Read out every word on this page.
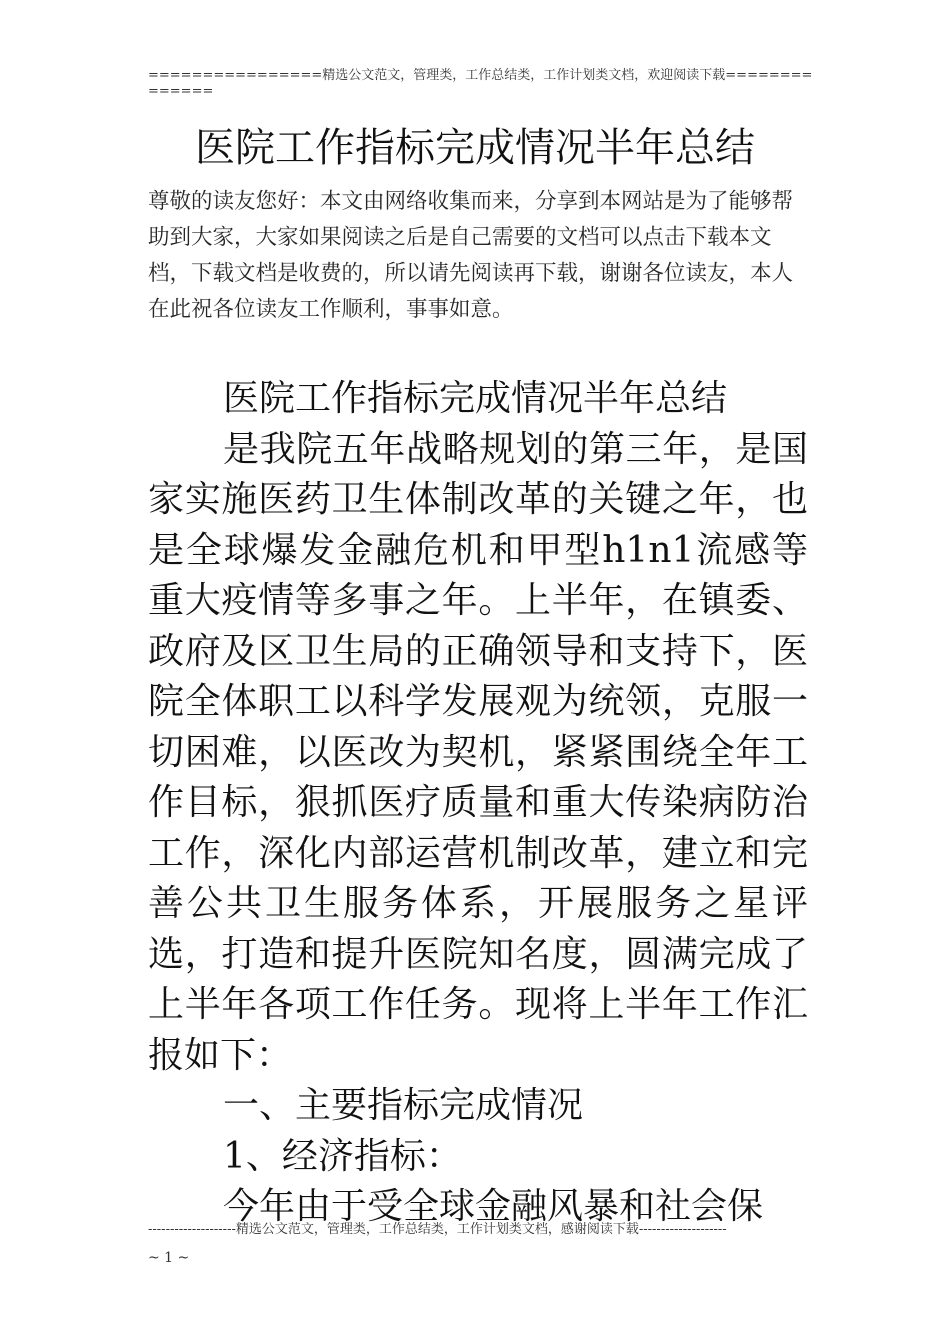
================精选公文范文，管理类，工作总结类，工作计划类文档，欢迎阅读下载==============
医院工作指标完成情况半年总结

尊敬的读友您好：本文由网络收集而来，分享到本网站是为了能够帮助到大家，大家如果阅读之后是自己需要的文档可以点击下载本文档，下载文档是收费的，所以请先阅读再下载，谢谢各位读友，本人在此祝各位读友工作顺利，事事如意。

医院工作指标完成情况半年总结

是我院五年战略规划的第三年，是国家实施医药卫生体制改革的关键之年，也是全球爆发金融危机和甲型h1n1流感等重大疫情等多事之年。上半年，在镇委、政府及区卫生局的正确领导和支持下，医院全体职工以科学发展观为统领，克服一切困难，以医改为契机，紧紧围绕全年工作目标，狠抓医疗质量和重大传染病防治工作，深化内部运营机制改革，建立和完善公共卫生服务体系，开展服务之星评选，打造和提升医院知名度，圆满完成了上半年各项工作任务。现将上半年工作汇报如下：

一、主要指标完成情况

1、经济指标：

今年由于受全球金融风暴和社会保

--------------------精选公文范文，管理类，工作总结类，工作计划类文档，感谢阅读下载--------------------
~ 1 ~
